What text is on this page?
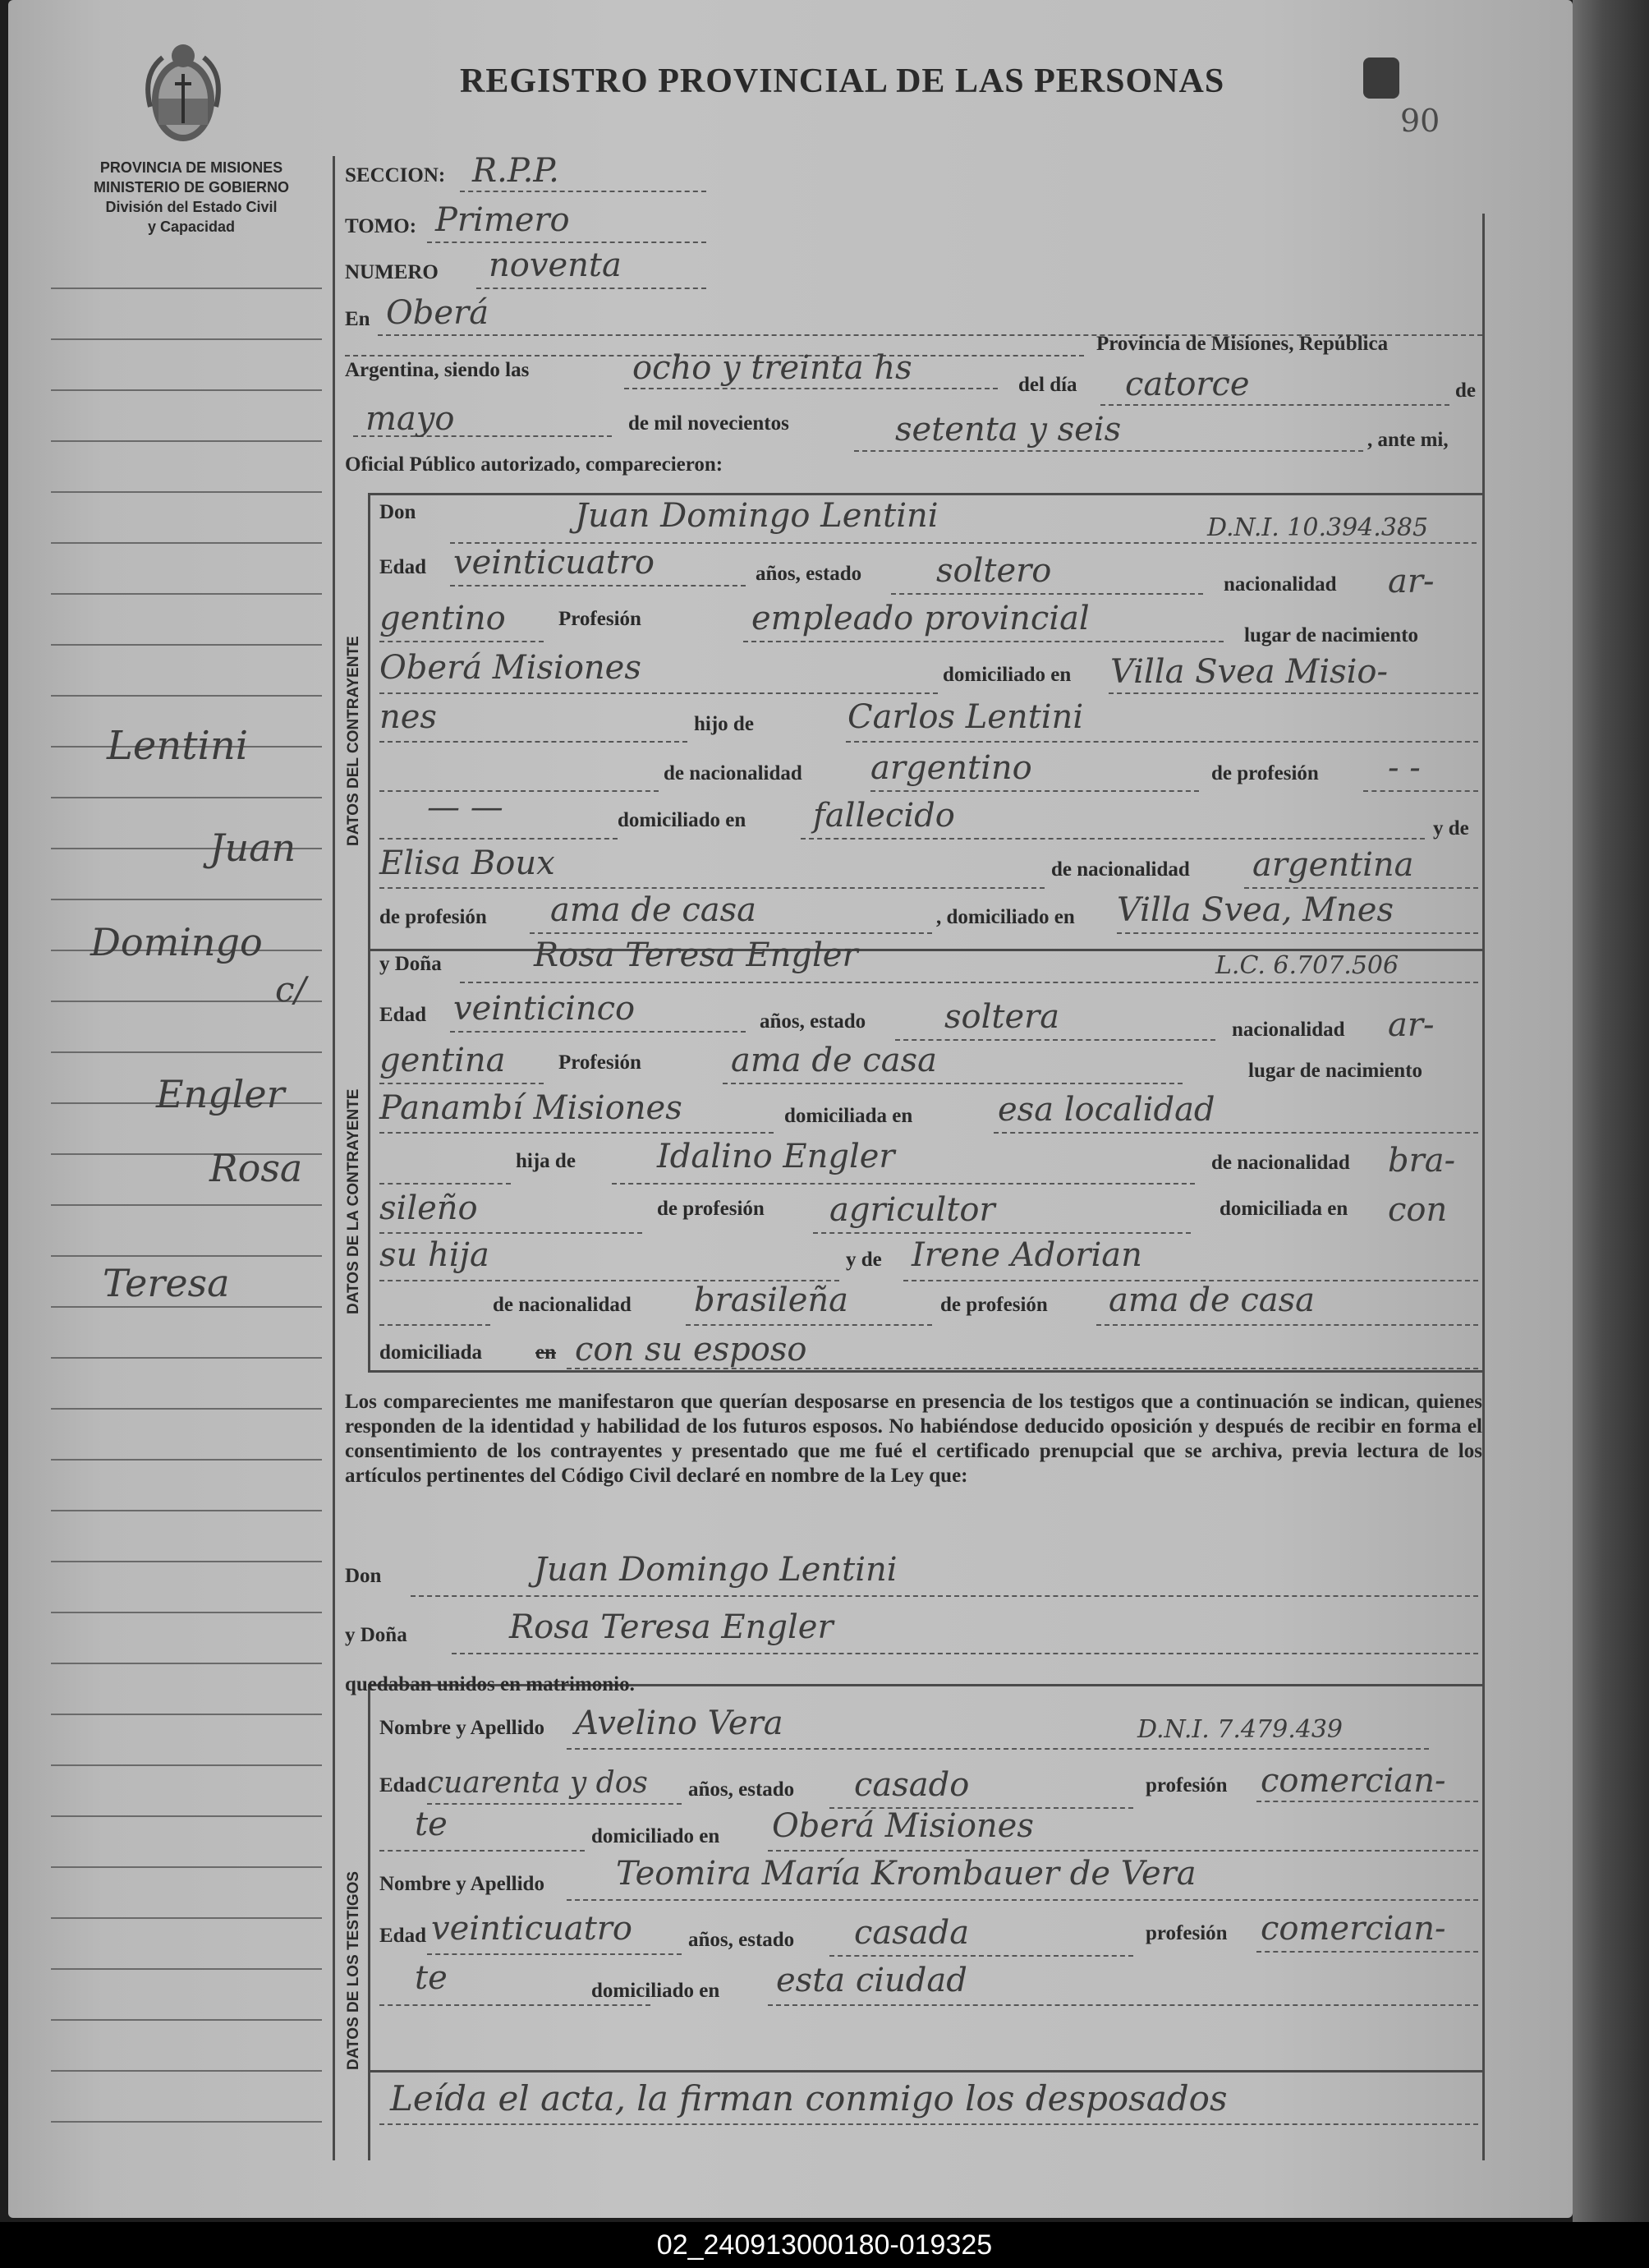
PROVINCIA DE MISIONES
MINISTERIO DE GOBIERNO
División del Estado Civil
y Capacidad
REGISTRO PROVINCIAL DE LAS PERSONAS
90
Lentini
Juan
Domingo
c/
Engler
Rosa
Teresa
DATOS DEL CONTRAYENTE
DATOS DE LA CONTRAYENTE
DATOS DE LOS TESTIGOS
SECCION: R.P.P.
TOMO: Primero
NUMERO noventa
En Oberá
Provincia de Misiones, República
Argentina, siendo las	ocho y treinta hs	del día catorce	de
mayo	de mil novecientos	setenta y seis	, ante mi,
Oficial Público autorizado, comparecieron:
Don	Juan Domingo Lentini	D.N.I. 10.394.385
Edad veinticuatro	años, estado soltero	nacionalidad ar-
gentino	Profesión	empleado provincial	lugar de nacimiento
Oberá Misiones	domiciliado en Villa Svea Misio-
nes	hijo de	Carlos Lentini
de nacionalidad argentino	de profesión - -
— —	domiciliado en fallecido	y de
Elisa Boux	de nacionalidad argentina
de profesión ama de casa	, domiciliado en Villa Svea, Mnes
y Doña	Rosa Teresa Engler	L.C. 6.707.506
Edad veinticinco	años, estado soltera	nacionalidad ar-
gentina	Profesión	ama de casa	lugar de nacimiento
Panambí Misiones	domiciliada en	esa localidad
hija de Idalino Engler	de nacionalidad bra-
sileño	de profesión agricultor	domiciliada en con
su hija	y de Irene Adorian
de nacionalidad brasileña	de profesión ama de casa
domiciliada	en con su esposo
Los comparecientes me manifestaron que querían desposarse en presencia de los testigos que a continuación se indican, quienes responden de la identidad y habilidad de los futuros esposos. No habiéndose deducido oposición y después de recibir en forma el consentimiento de los contrayentes y presentado que me fué el certificado prenupcial que se archiva, previa lectura de los artículos pertinentes del Código Civil declaré en nombre de la Ley que:
Don	Juan Domingo Lentini
y Doña	Rosa Teresa Engler
quedaban unidos en matrimonio.
Nombre y Apellido Avelino Vera	D.N.I. 7.479.439
Edad cuarenta y dos años, estado casado	profesión comercian-
te	domiciliado en Oberá Misiones
Nombre y Apellido Teomira María Krombauer de Vera
Edad veinticuatro	años, estado casada	profesión comercian-
te	domiciliado en esta ciudad
Leída el acta, la firman conmigo los desposados
02_240913000180-019325
